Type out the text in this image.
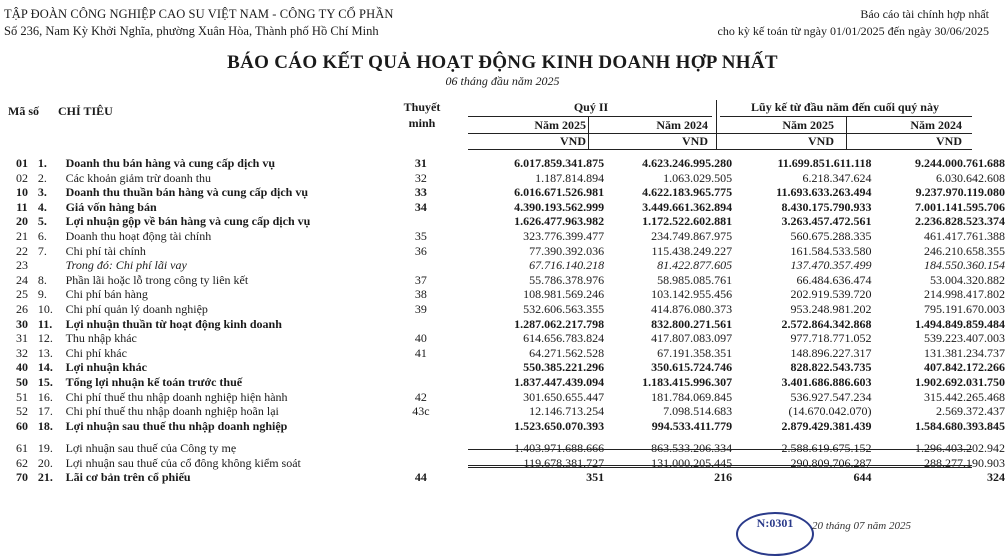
TẬP ĐOÀN CÔNG NGHIỆP CAO SU VIỆT NAM - CÔNG TY CỔ PHẦN
Số 236, Nam Kỳ Khởi Nghĩa, phường Xuân Hòa, Thành phố Hồ Chí Minh
Báo cáo tài chính hợp nhất
cho kỳ kế toán từ ngày 01/01/2025 đến ngày 30/06/2025
BÁO CÁO KẾT QUẢ HOẠT ĐỘNG KINH DOANH HỢP NHẤT
06 tháng đầu năm 2025
Mã số CHỈ TIÊU	Thuyết
minh
Quý II	Lũy kế từ đầu năm đến cuối quý này
Năm 2025	Năm 2024	Năm 2025	Năm 2024
VND	VND	VND	VND
01	1.	Doanh thu bán hàng và cung cấp dịch vụ	31	6.017.859.341.875	4.623.246.995.280	11.699.851.611.118	9.244.000.761.688
02	2.	Các khoản giảm trừ doanh thu	32	1.187.814.894	1.063.029.505	6.218.347.624	6.030.642.608
10	3.	Doanh thu thuần bán hàng và cung cấp dịch vụ	33	6.016.671.526.981	4.622.183.965.775	11.693.633.263.494	9.237.970.119.080
11	4.	Giá vốn hàng bán	34	4.390.193.562.999	3.449.661.362.894	8.430.175.790.933	7.001.141.595.706
20	5.	Lợi nhuận gộp về bán hàng và cung cấp dịch vụ		1.626.477.963.982	1.172.522.602.881	3.263.457.472.561	2.236.828.523.374
21	6.	Doanh thu hoạt động tài chính	35	323.776.399.477	234.749.867.975	560.675.288.335	461.417.761.388
22	7.	Chi phí tài chính	36	77.390.392.036	115.438.249.227	161.584.533.580	246.210.658.355
23		Trong đó: Chi phí lãi vay		67.716.140.218	81.422.877.605	137.470.357.499	184.550.360.154
24	8.	Phần lãi hoặc lỗ trong công ty liên kết	37	55.786.378.976	58.985.085.761	66.484.636.474	53.004.320.882
25	9.	Chi phí bán hàng	38	108.981.569.246	103.142.955.456	202.919.539.720	214.998.417.802
26	10.	Chi phí quản lý doanh nghiệp	39	532.606.563.355	414.876.080.373	953.248.981.202	795.191.670.003
30	11.	Lợi nhuận thuần từ hoạt động kinh doanh		1.287.062.217.798	832.800.271.561	2.572.864.342.868	1.494.849.859.484
31	12.	Thu nhập khác	40	614.656.783.824	417.807.083.097	977.718.771.052	539.223.407.003
32	13.	Chi phí khác	41	64.271.562.528	67.191.358.351	148.896.227.317	131.381.234.737
40	14.	Lợi nhuận khác		550.385.221.296	350.615.724.746	828.822.543.735	407.842.172.266
50	15.	Tổng lợi nhuận kế toán trước thuế		1.837.447.439.094	1.183.415.996.307	3.401.686.886.603	1.902.692.031.750
51	16.	Chi phí thuế thu nhập doanh nghiệp hiện hành	42	301.650.655.447	181.784.069.845	536.927.547.234	315.442.265.468
52	17.	Chi phí thuế thu nhập doanh nghiệp hoãn lại	43c	12.146.713.254	7.098.514.683	(14.670.042.070)	2.569.372.437
60	18.	Lợi nhuận sau thuế thu nhập doanh nghiệp		1.523.650.070.393	994.533.411.779	2.879.429.381.439	1.584.680.393.845
61	19.	Lợi nhuận sau thuế của Công ty mẹ		1.403.971.688.666	863.533.206.334	2.588.619.675.152	1.296.403.202.942
62	20.	Lợi nhuận sau thuế của cổ đông không kiểm soát		119.678.381.727	131.000.205.445	290.809.706.287	288.277.190.903
70	21.	Lãi cơ bản trên cổ phiếu	44	351	216	644	324
N:0301	20 tháng 07 năm 2025
